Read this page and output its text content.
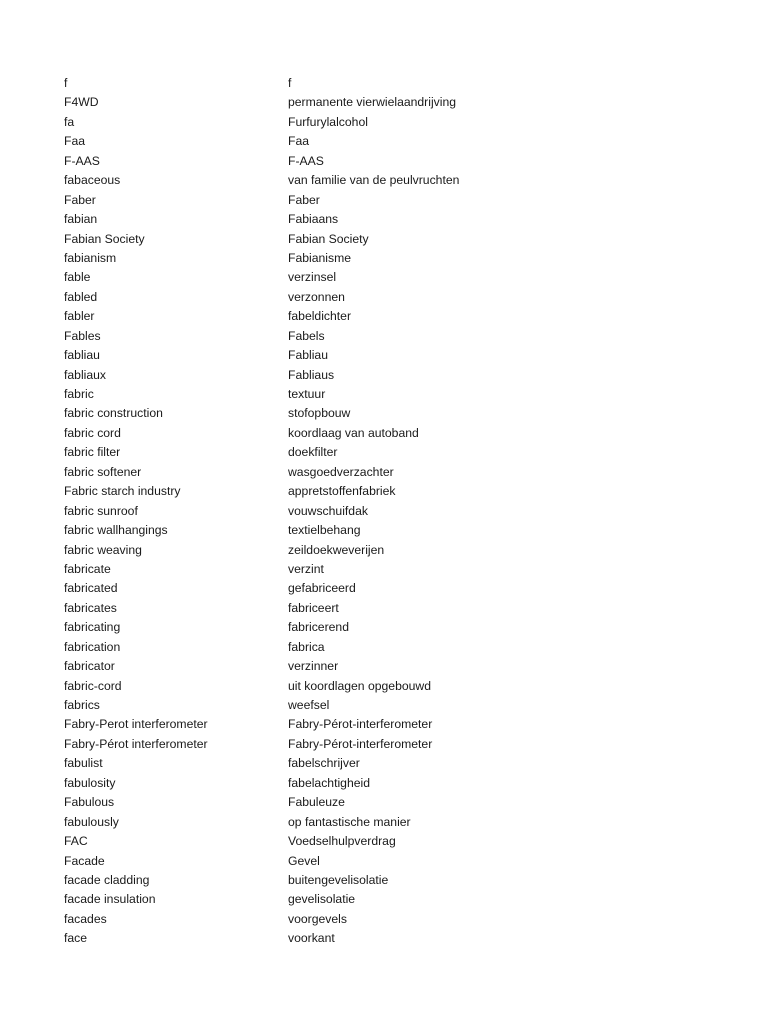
f	f
F4WD	permanente vierwielaandrijving
fa	Furfurylalcohol
Faa	Faa
F-AAS	F-AAS
fabaceous	van familie van de peulvruchten
Faber	Faber
fabian	Fabiaans
Fabian Society	Fabian Society
fabianism	Fabianisme
fable	verzinsel
fabled	verzonnen
fabler	fabeldichter
Fables	Fabels
fabliau	Fabliau
fabliaux	Fabliaus
fabric	textuur
fabric construction	stofopbouw
fabric cord	koordlaag van autoband
fabric filter	doekfilter
fabric softener	wasgoedverzachter
Fabric starch industry	appretstoffenfabriek
fabric sunroof	vouwschuifdak
fabric wallhangings	textielbehang
fabric weaving	zeildoekweverijen
fabricate	verzint
fabricated	gefabriceerd
fabricates	fabriceert
fabricating	fabricerend
fabrication	fabrica
fabricator	verzinner
fabric-cord	uit koordlagen opgebouwd
fabrics	weefsel
Fabry-Perot interferometer	Fabry-Pérot-interferometer
Fabry-Pérot interferometer	Fabry-Pérot-interferometer
fabulist	fabelschrijver
fabulosity	fabelachtigheid
Fabulous	Fabuleuze
fabulously	op fantastische manier
FAC	Voedselhulpverdrag
Facade	Gevel
facade cladding	buitengevelisolatie
facade insulation	gevelisolatie
facades	voorgevels
face	voorkant
